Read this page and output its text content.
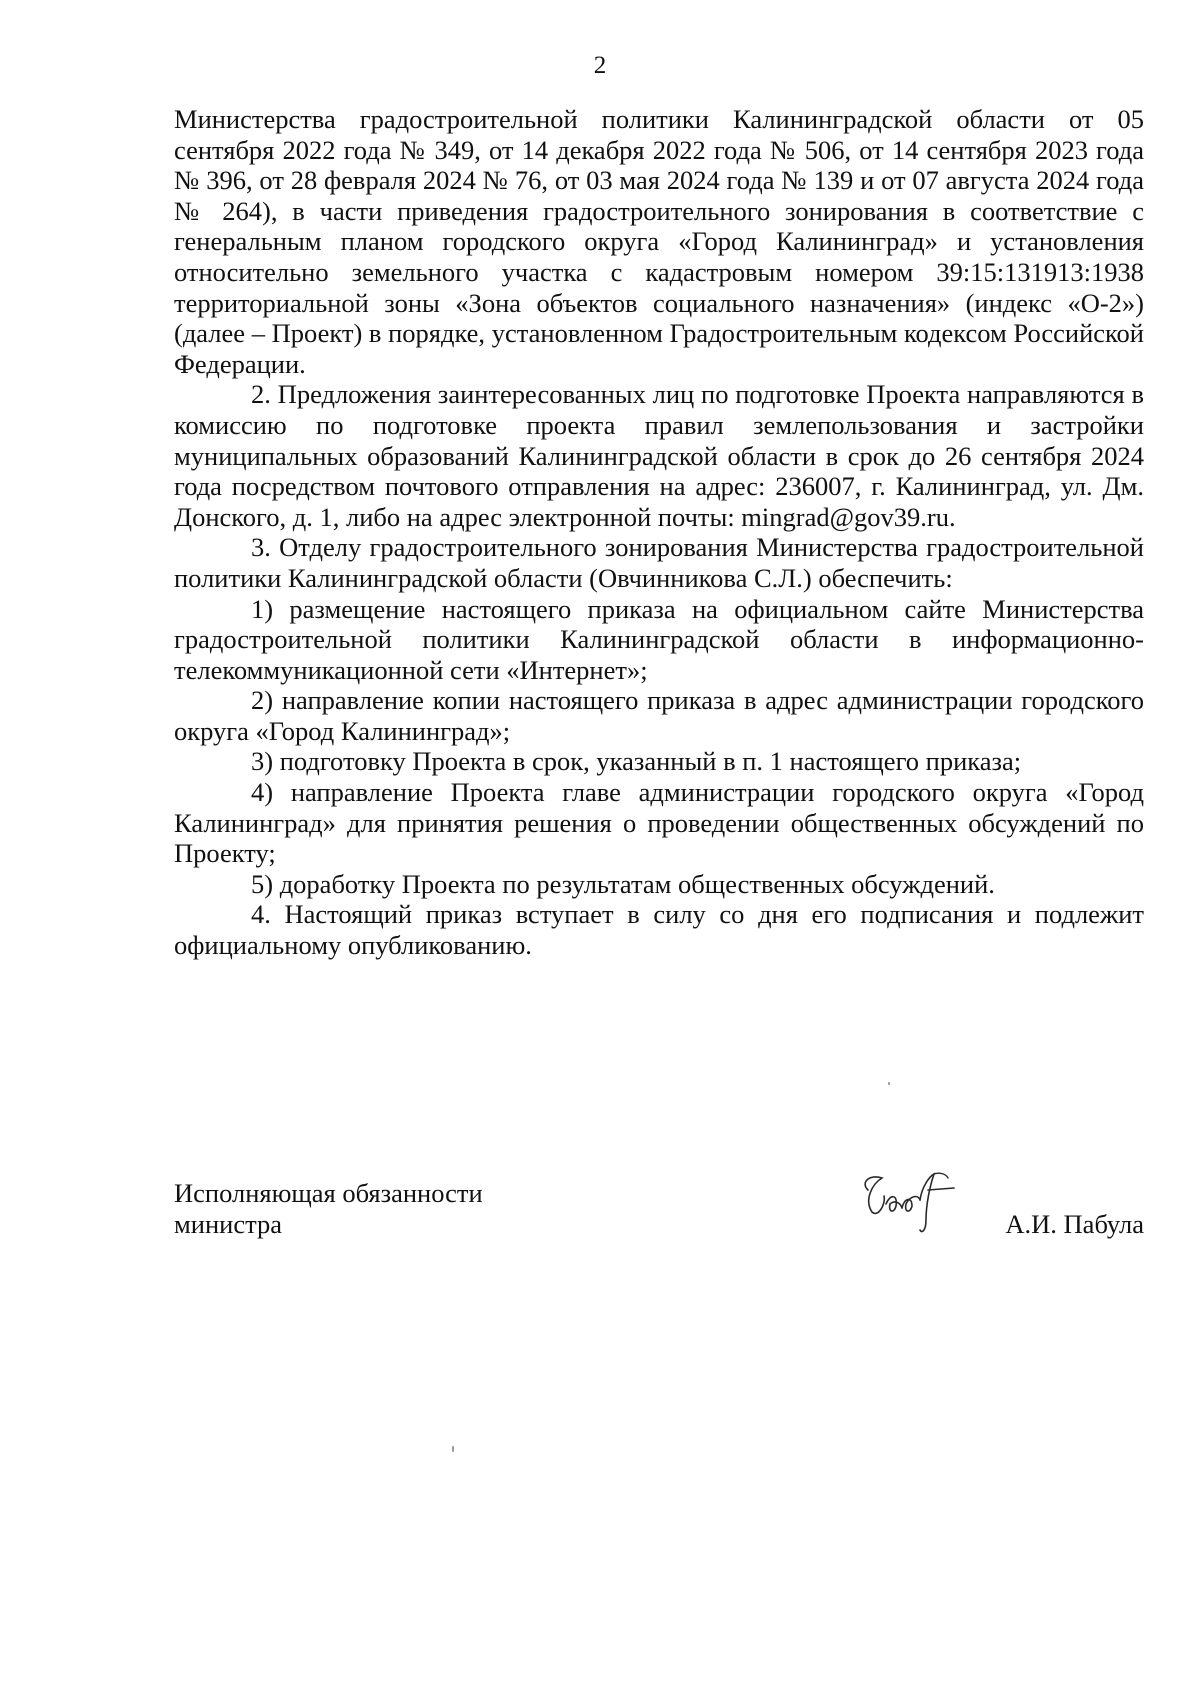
2

Министерства градостроительной политики Калининградской области от 05 сентября 2022 года № 349, от 14 декабря 2022 года № 506, от 14 сентября 2023 года № 396, от 28 февраля 2024 № 76, от 03 мая 2024 года № 139 и от 07 августа 2024 года № 264), в части приведения градостроительного зонирования в соответствие с генеральным планом городского округа «Город Калининград» и установления относительно земельного участка с кадастровым номером 39:15:131913:1938 территориальной зоны «Зона объектов социального назначения» (индекс «О-2») (далее – Проект) в порядке, установленном Градостроительным кодексом Российской Федерации.

2. Предложения заинтересованных лиц по подготовке Проекта направляются в комиссию по подготовке проекта правил землепользования и застройки муниципальных образований Калининградской области в срок до 26 сентября 2024 года посредством почтового отправления на адрес: 236007, г. Калининград, ул. Дм. Донского, д. 1, либо на адрес электронной почты: mingrad@gov39.ru.

3. Отделу градостроительного зонирования Министерства градостроительной политики Калининградской области (Овчинникова С.Л.) обеспечить:

1) размещение настоящего приказа на официальном сайте Министерства градостроительной политики Калининградской области в информационно-телекоммуникационной сети «Интернет»;

2) направление копии настоящего приказа в адрес администрации городского округа «Город Калининград»;

3) подготовку Проекта в срок, указанный в п. 1 настоящего приказа;

4) направление Проекта главе администрации городского округа «Город Калининград» для принятия решения о проведении общественных обсуждений по Проекту;

5) доработку Проекта по результатам общественных обсуждений.

4. Настоящий приказ вступает в силу со дня его подписания и подлежит официальному опубликованию.

Исполняющая обязанности
министра	А.И. Пабула
